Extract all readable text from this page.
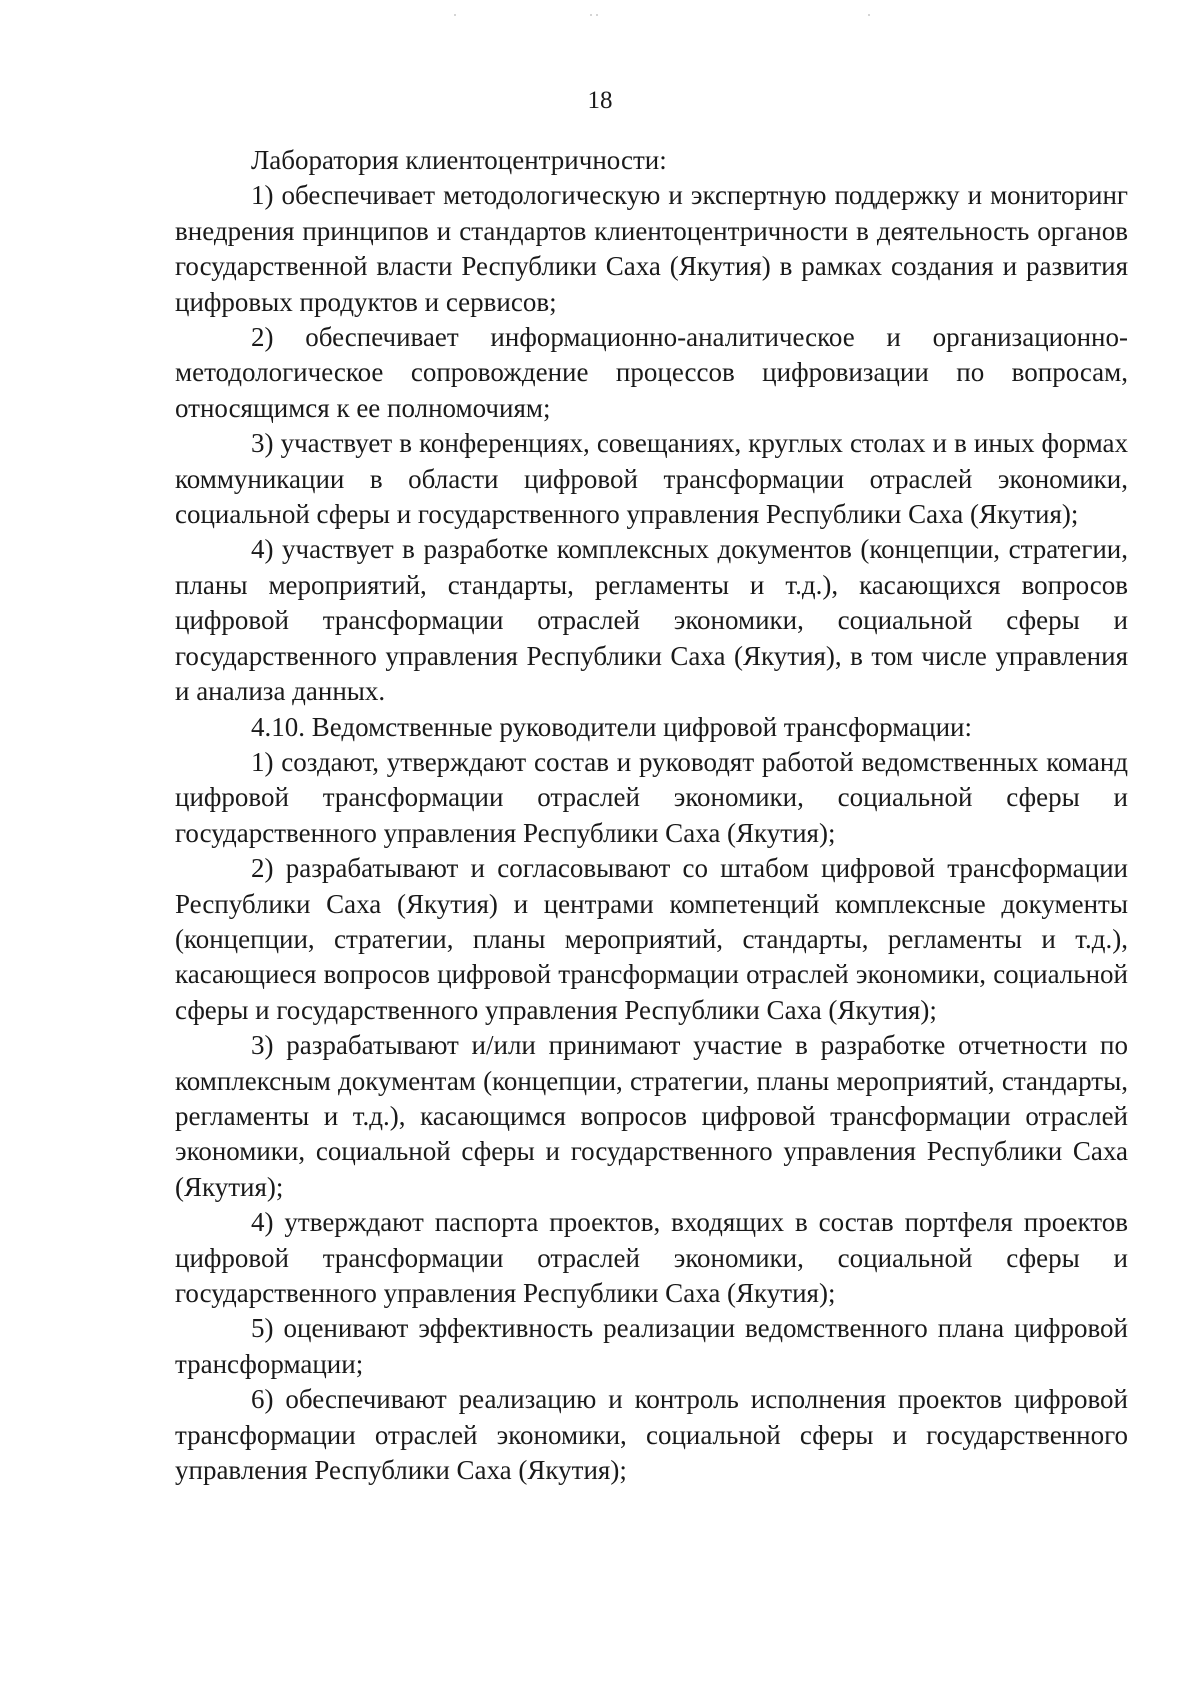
18

Лаборатория клиентоцентричности:

1) обеспечивает методологическую и экспертную поддержку и мониторинг внедрения принципов и стандартов клиентоцентричности в деятельность органов государственной власти Республики Саха (Якутия) в рамках создания и развития цифровых продуктов и сервисов;

2) обеспечивает информационно-аналитическое и организационно-методологическое сопровождение процессов цифровизации по вопросам, относящимся к ее полномочиям;

3) участвует в конференциях, совещаниях, круглых столах и в иных формах коммуникации в области цифровой трансформации отраслей экономики, социальной сферы и государственного управления Республики Саха (Якутия);

4) участвует в разработке комплексных документов (концепции, стратегии, планы мероприятий, стандарты, регламенты и т.д.), касающихся вопросов цифровой трансформации отраслей экономики, социальной сферы и государственного управления Республики Саха (Якутия), в том числе управления и анализа данных.

4.10. Ведомственные руководители цифровой трансформации:

1) создают, утверждают состав и руководят работой ведомственных команд цифровой трансформации отраслей экономики, социальной сферы и государственного управления Республики Саха (Якутия);

2) разрабатывают и согласовывают со штабом цифровой трансформации Республики Саха (Якутия) и центрами компетенций комплексные документы (концепции, стратегии, планы мероприятий, стандарты, регламенты и т.д.), касающиеся вопросов цифровой трансформации отраслей экономики, социальной сферы и государственного управления Республики Саха (Якутия);

3) разрабатывают и/или принимают участие в разработке отчетности по комплексным документам (концепции, стратегии, планы мероприятий, стандарты, регламенты и т.д.), касающимся вопросов цифровой трансформации отраслей экономики, социальной сферы и государственного управления Республики Саха (Якутия);

4) утверждают паспорта проектов, входящих в состав портфеля проектов цифровой трансформации отраслей экономики, социальной сферы и государственного управления Республики Саха (Якутия);

5) оценивают эффективность реализации ведомственного плана цифровой трансформации;

6) обеспечивают реализацию и контроль исполнения проектов цифровой трансформации отраслей экономики, социальной сферы и государственного управления Республики Саха (Якутия);
